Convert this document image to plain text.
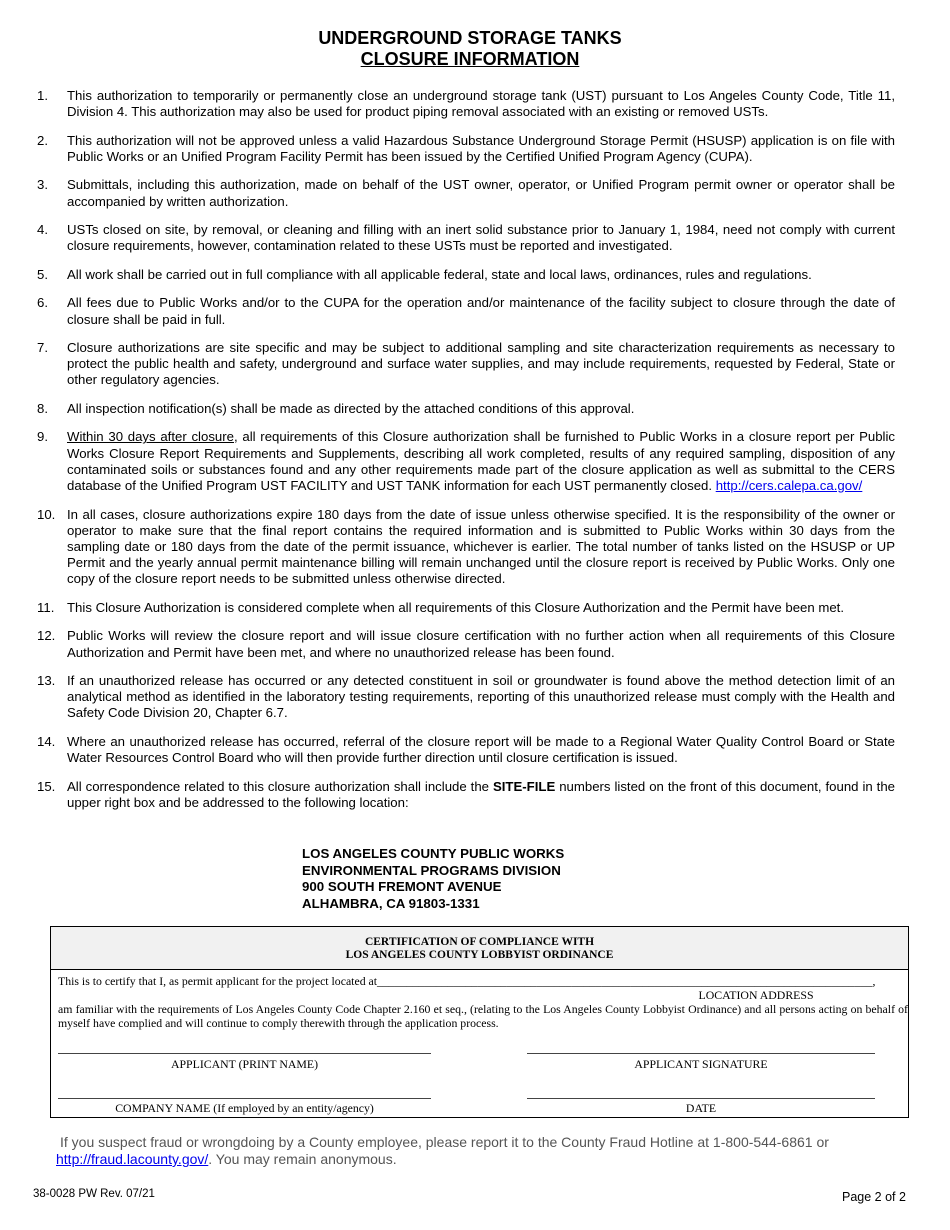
UNDERGROUND STORAGE TANKS
CLOSURE INFORMATION
1.	This authorization to temporarily or permanently close an underground storage tank (UST) pursuant to Los Angeles County Code, Title 11, Division 4. This authorization may also be used for product piping removal associated with an existing or removed USTs.
2.	This authorization will not be approved unless a valid Hazardous Substance Underground Storage Permit (HSUSP) application is on file with Public Works or an Unified Program Facility Permit has been issued by the Certified Unified Program Agency (CUPA).
3.	Submittals, including this authorization, made on behalf of the UST owner, operator, or Unified Program permit owner or operator shall be accompanied by written authorization.
4.	USTs closed on site, by removal, or cleaning and filling with an inert solid substance prior to January 1, 1984, need not comply with current closure requirements, however, contamination related to these USTs must be reported and investigated.
5.	All work shall be carried out in full compliance with all applicable federal, state and local laws, ordinances, rules and regulations.
6.	All fees due to Public Works and/or to the CUPA for the operation and/or maintenance of the facility subject to closure through the date of closure shall be paid in full.
7.	Closure authorizations are site specific and may be subject to additional sampling and site characterization requirements as necessary to protect the public health and safety, underground and surface water supplies, and may include requirements, requested by Federal, State or other regulatory agencies.
8.	All inspection notification(s) shall be made as directed by the attached conditions of this approval.
9.	Within 30 days after closure, all requirements of this Closure authorization shall be furnished to Public Works in a closure report per Public Works Closure Report Requirements and Supplements, describing all work completed, results of any required sampling, disposition of any contaminated soils or substances found and any other requirements made part of the closure application as well as submittal to the CERS database of the Unified Program UST FACILITY and UST TANK information for each UST permanently closed. http://cers.calepa.ca.gov/
10. In all cases, closure authorizations expire 180 days from the date of issue unless otherwise specified. It is the responsibility of the owner or operator to make sure that the final report contains the required information and is submitted to Public Works within 30 days from the sampling date or 180 days from the date of the permit issuance, whichever is earlier. The total number of tanks listed on the HSUSP or UP Permit and the yearly annual permit maintenance billing will remain unchanged until the closure report is received by Public Works. Only one copy of the closure report needs to be submitted unless otherwise directed.
11. This Closure Authorization is considered complete when all requirements of this Closure Authorization and the Permit have been met.
12. Public Works will review the closure report and will issue closure certification with no further action when all requirements of this Closure Authorization and Permit have been met, and where no unauthorized release has been found.
13. If an unauthorized release has occurred or any detected constituent in soil or groundwater is found above the method detection limit of an analytical method as identified in the laboratory testing requirements, reporting of this unauthorized release must comply with the Health and Safety Code Division 20, Chapter 6.7.
14. Where an unauthorized release has occurred, referral of the closure report will be made to a Regional Water Quality Control Board or State Water Resources Control Board who will then provide further direction until closure certification is issued.
15. All correspondence related to this closure authorization shall include the SITE-FILE numbers listed on the front of this document, found in the upper right box and be addressed to the following location:
LOS ANGELES COUNTY PUBLIC WORKS
ENVIRONMENTAL PROGRAMS DIVISION
900 SOUTH FREMONT AVENUE
ALHAMBRA, CA 91803-1331
CERTIFICATION OF COMPLIANCE WITH
LOS ANGELES COUNTY LOBBYIST ORDINANCE
This is to certify that I, as permit applicant for the project located at____________________________________________________________________________________,
LOCATION ADDRESS
am familiar with the requirements of Los Angeles County Code Chapter 2.160 et seq., (relating to the Los Angeles County Lobbyist Ordinance) and all persons acting on behalf of myself have complied and will continue to comply therewith through the application process.
APPLICANT (PRINT NAME)	APPLICANT SIGNATURE
COMPANY NAME (If employed by an entity/agency)	DATE
If you suspect fraud or wrongdoing by a County employee, please report it to the County Fraud Hotline at 1-800-544-6861 or http://fraud.lacounty.gov/. You may remain anonymous.
38-0028 PW Rev. 07/21	Page 2 of 2
